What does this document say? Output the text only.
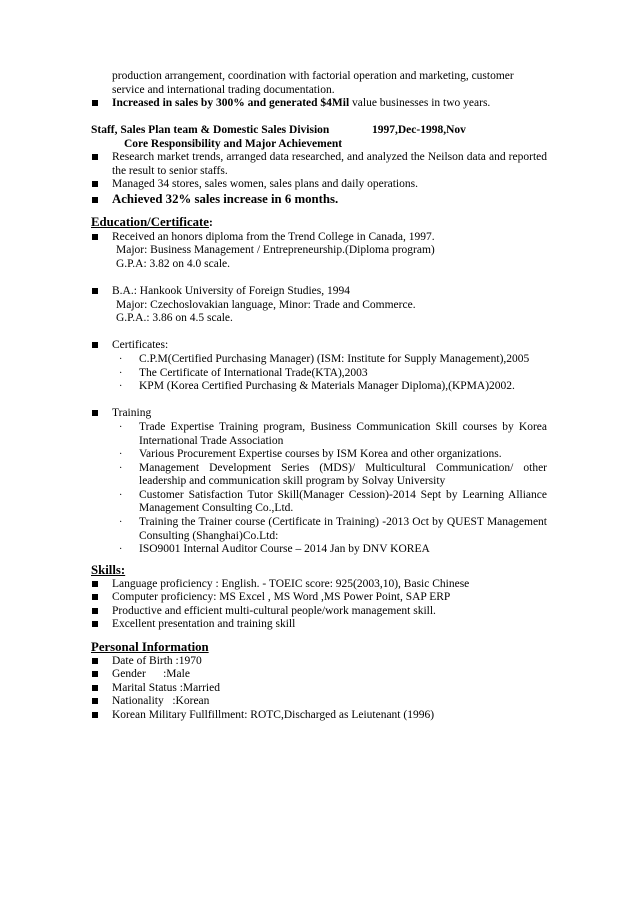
production arrangement, coordination with factorial operation and marketing, customer
service and international trading documentation.
Increased in sales by 300% and generated $4Mil value businesses in two years.
Staff, Sales Plan team & Domestic Sales Division	1997,Dec-1998,Nov
Core Responsibility and Major Achievement
Research market trends, arranged data researched, and analyzed the Neilson data and reported the result to senior staffs.
Managed 34 stores, sales women, sales plans and daily operations.
Achieved 32% sales increase in 6 months.
Education/Certificate:
Received an honors diploma from the Trend College in Canada, 1997.
Major: Business Management / Entrepreneurship.(Diploma program)
G.P.A: 3.82 on 4.0 scale.
B.A.: Hankook University of Foreign Studies, 1994
Major: Czechoslovakian language, Minor: Trade and Commerce.
G.P.A.: 3.86 on 4.5 scale.
Certificates:
· C.P.M(Certified Purchasing Manager) (ISM: Institute for Supply Management),2005
· The Certificate of International Trade(KTA),2003
· KPM (Korea Certified Purchasing & Materials Manager Diploma),(KPMA)2002.
Training
· Trade Expertise Training program, Business Communication Skill courses by Korea International Trade Association
· Various Procurement Expertise courses by ISM Korea and other organizations.
· Management Development Series (MDS)/ Multicultural Communication/ other leadership and communication skill program by Solvay University
· Customer Satisfaction Tutor Skill(Manager Cession)-2014 Sept by Learning Alliance Management Consulting Co.,Ltd.
· Training the Trainer course (Certificate in Training) -2013 Oct by QUEST Management Consulting (Shanghai)Co.Ltd:
· ISO9001 Internal Auditor Course – 2014 Jan by DNV KOREA
Skills:
Language proficiency : English. - TOEIC score: 925(2003,10), Basic Chinese
Computer proficiency: MS Excel , MS Word ,MS Power Point, SAP ERP
Productive and efficient multi-cultural people/work management skill.
Excellent presentation and training skill
Personal Information
Date of Birth :1970
Gender      :Male
Marital Status :Married
Nationality   :Korean
Korean Military Fullfillment: ROTC,Discharged as Leiutenant (1996)
